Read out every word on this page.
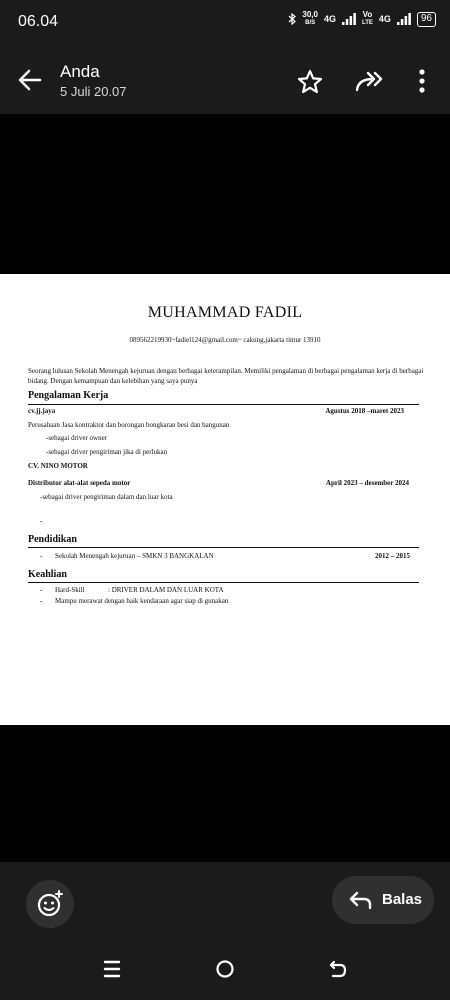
06.04	30,0
B/S 4G	Vo
LTE 4G	96
Anda
5 Juli 20.07
MUHAMMAD FADIL
089562219930~fadiel124@gmail.com~ cakung,jakarta timur 13910
Seorang lulusan Sekolah Menengah kejuruan dengan berbagai keterampilan. Memiliki pengalaman di berbagai pengalaman kerja di berbagai bidang. Dengan kemampuan dan kelebihan yang saya punya
Pengalaman Kerja
cv.jj.jaya	Agustus 2018 –maret 2023
Perusahaan Jasa kontraktor dan borongan bongkaran besi dan bangunan
-sebagai driver owner
-sebagai driver pengiriman jika di perlukan
CV. NINO MOTOR
Distributor alat-alat sepeda motor	April 2023 – desember 2024
-sebagai driver pengiriman dalam dan luar kota
-
Pendidikan
- Sekolah Menengah kejuruan – SMKN 3 BANGKALAN	2012 – 2015
Keahlian
- Hard-Skill	: DRIVER DALAM DAN LUAR KOTA
- Mampu merawat dengan baik kendaraan agar siap di gunakan
Balas
